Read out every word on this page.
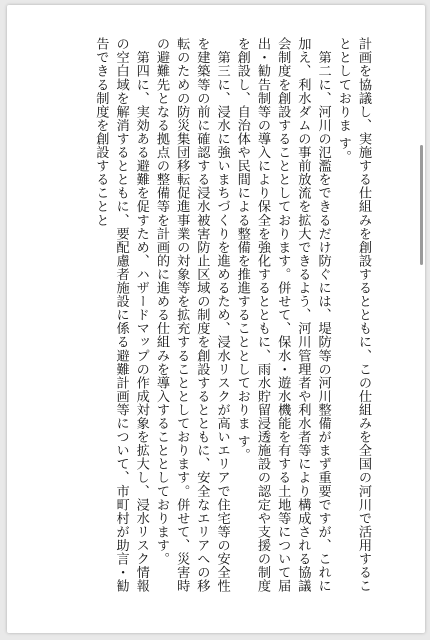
計画を協議し、実施する仕組みを創設するとともに、この仕組みを全国の河川で活用することとしておりま す。

　第二に、河川の氾濫をできるだけ防ぐには、堤防等の河川整備がまず重要ですが、これに加え、利水ダムの事前放流を拡大できるよう、河川管理者や利水者等により構成される協議会制度を創設することとしております。併せて、保水・遊水機能を有する土地等について届出・勧告制等の導入により保全を強化するとともに、雨水貯留浸透施設の認定や支援の制度を創設し、自治体や民間による整備を推進することとしておりま す。

　第三に、浸水に強いまちづくりを進めるため、浸水リスクが高いエリアで住宅等の安全性を建築等の前に確認する浸水被害防止区域の制度を創設するとともに、安全なエリアへの移転のための防災集団移転促進事業の対象等を拡充することとしております。併せて、災害時の避難先となる拠点の整備等を計画的に進める仕組みを導入することとしております。

　第四に、実効ある避難を促すため、ハザードマップの作成対象を拡大し、浸水リスク情報の空白域を解消するとともに、要配慮者施設に係る避難計画等について、市町村が助言・勧告できる制度を創設することと
